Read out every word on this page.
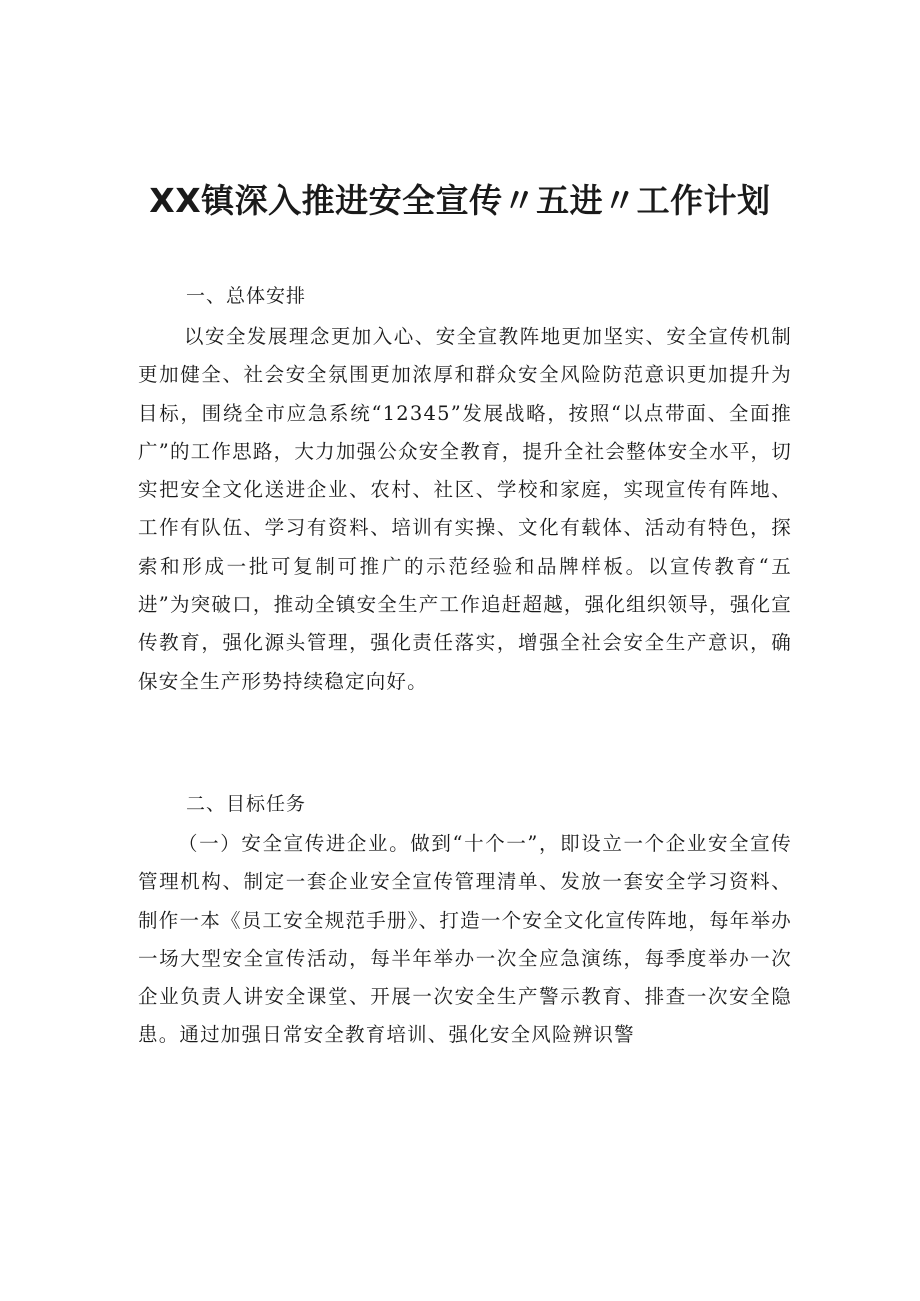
XX镇深入推进安全宣传〃五进〃工作计划

一、总体安排

以安全发展理念更加入心、安全宣教阵地更加坚实、安全宣传机制更加健全、社会安全氛围更加浓厚和群众安全风险防范意识更加提升为目标，围绕全市应急系统“12345”发展战略，按照“以点带面、全面推广”的工作思路，大力加强公众安全教育，提升全社会整体安全水平，切实把安全文化送进企业、农村、社区、学校和家庭，实现宣传有阵地、工作有队伍、学习有资料、培训有实操、文化有载体、活动有特色，探索和形成一批可复制可推广的示范经验和品牌样板。以宣传教育“五进”为突破口，推动全镇安全生产工作追赶超越，强化组织领导，强化宣传教育，强化源头管理，强化责任落实，增强全社会安全生产意识，确保安全生产形势持续稳定向好。

二、目标任务

（一）安全宣传进企业。做到“十个一”，即设立一个企业安全宣传管理机构、制定一套企业安全宣传管理清单、发放一套安全学习资料、制作一本《员工安全规范手册》、打造一个安全文化宣传阵地，每年举办一场大型安全宣传活动，每半年举办一次全应急演练，每季度举办一次企业负责人讲安全课堂、开展一次安全生产警示教育、排查一次安全隐患。通过加强日常安全教育培训、强化安全风险辨识警
